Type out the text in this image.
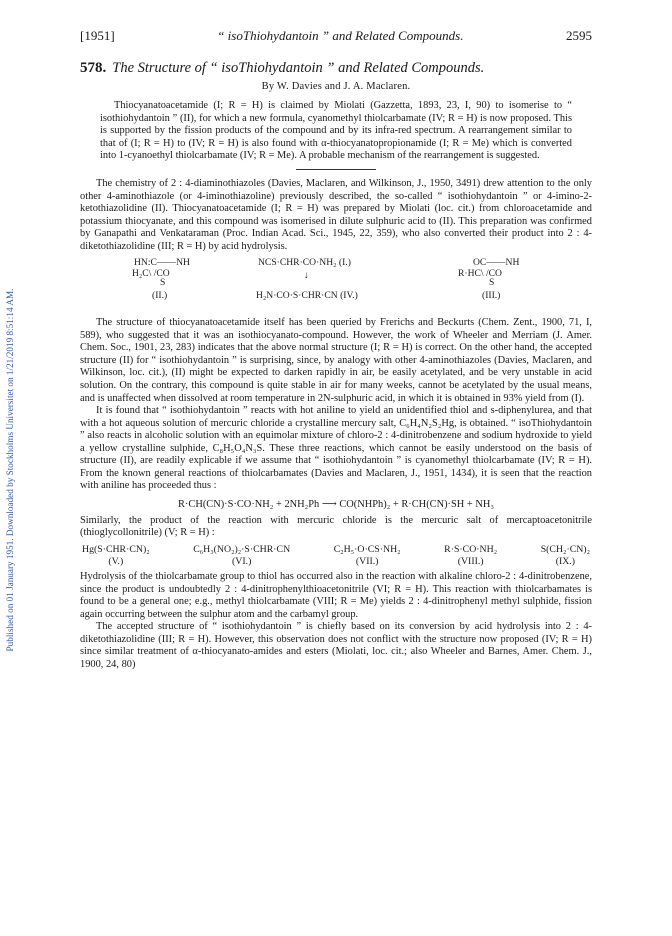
Published on 01 January 1951. Downloaded by Stockholms Universitet on 1/21/2019 8:51:14 AM.
[1951]	“ isoThiohydantoin ” and Related Compounds.	2595
578. The Structure of “ isoThiohydantoin ” and Related Compounds.
By W. Davies and J. A. Maclaren.
Thiocyanatoacetamide (I; R = H) is claimed by Miolati (Gazzetta, 1893, 23, I, 90) to isomerise to “ isothiohydantoin ” (II), for which a new formula, cyanomethyl thiolcarbamate (IV; R = H) is now proposed. This is supported by the fission products of the compound and by its infra-red spectrum. A rearrangement similar to that of (I; R = H) to (IV; R = H) is also found with α-thiocyanatopropionamide (I; R = Me) which is converted into 1-cyanoethyl thiolcarbamate (IV; R = Me). A probable mechanism of the rearrangement is suggested.

The chemistry of 2 : 4-diaminothiazoles (Davies, Maclaren, and Wilkinson, J., 1950, 3491) drew attention to the only other 4-aminothiazole (or 4-iminothiazoline) previously described, the so-called “ isothiohydantoin ” or 4-imino-2-ketothiazolidine (II). Thiocyanatoacetamide (I; R = H) was prepared by Miolati (loc. cit.) from chloroacetamide and potassium thiocyanate, and this compound was isomerised in dilute sulphuric acid to (II). This preparation was confirmed by Ganapathi and Venkataraman (Proc. Indian Acad. Sci., 1945, 22, 359), who also converted their product into 2 : 4-diketothiazolidine (III; R = H) by acid hydrolysis.

HN:C——NH
H₂C\ /CO
S
(II.)
NCS·CHR·CO·NH₂ (I.)
↓
H₂N·CO·S·CHR·CN (IV.)
OC——NH
R·HC\ /CO
S
(III.)

The structure of thiocyanatoacetamide itself has been queried by Frerichs and Beckurts (Chem. Zent., 1900, 71, I, 589), who suggested that it was an isothiocyanato-compound. However, the work of Wheeler and Merriam (J. Amer. Chem. Soc., 1901, 23, 283) indicates that the above normal structure (I; R = H) is correct. On the other hand, the accepted structure (II) for “ isothiohydantoin ” is surprising, since, by analogy with other 4-aminothiazoles (Davies, Maclaren, and Wilkinson, loc. cit.), (II) might be expected to darken rapidly in air, be easily acetylated, and be very unstable in acid solution. On the contrary, this compound is quite stable in air for many weeks, cannot be acetylated by the usual means, and is unaffected when dissolved at room temperature in 2N-sulphuric acid, in which it is obtained in 93% yield from (I).

It is found that “ isothiohydantoin ” reacts with hot aniline to yield an unidentified thiol and s-diphenylurea, and that with a hot aqueous solution of mercuric chloride a crystalline mercury salt, C₆H₄N₂S₂Hg, is obtained. “ isoThiohydantoin ” also reacts in alcoholic solution with an equimolar mixture of chloro-2 : 4-dinitrobenzene and sodium hydroxide to yield a yellow crystalline sulphide, C₈H₅O₄N₃S. These three reactions, which cannot be easily understood on the basis of structure (II), are readily explicable if we assume that “ isothiohydantoin ” is cyanomethyl thiolcarbamate (IV; R = H). From the known general reactions of thiolcarbamates (Davies and Maclaren, J., 1951, 1434), it is seen that the reaction with aniline has proceeded thus :

R·CH(CN)·S·CO·NH₂ + 2NH₂Ph ⟶ CO(NHPh)₂ + R·CH(CN)·SH + NH₃

Similarly, the product of the reaction with mercuric chloride is the mercuric salt of mercaptoacetonitrile (thioglycollonitrile) (V; R = H) :

Hg(S·CHR·CN)₂
(V.)
C₆H₃(NO₂)₂·S·CHR·CN
(VI.)
C₂H₅·O·CS·NH₂
(VII.)
R·S·CO·NH₂
(VIII.)
S(CH₂·CN)₂
(IX.)

Hydrolysis of the thiolcarbamate group to thiol has occurred also in the reaction with alkaline chloro-2 : 4-dinitrobenzene, since the product is undoubtedly 2 : 4-dinitrophenylthioacetonitrile (VI; R = H). This reaction with thiolcarbamates is found to be a general one; e.g., methyl thiolcarbamate (VIII; R = Me) yields 2 : 4-dinitrophenyl methyl sulphide, fission again occurring between the sulphur atom and the carbamyl group.

The accepted structure of “ isothiohydantoin ” is chiefly based on its conversion by acid hydrolysis into 2 : 4-diketothiazolidine (III; R = H). However, this observation does not conflict with the structure now proposed (IV; R = H) since similar treatment of α-thiocyanato-amides and esters (Miolati, loc. cit.; also Wheeler and Barnes, Amer. Chem. J., 1900, 24, 80)
